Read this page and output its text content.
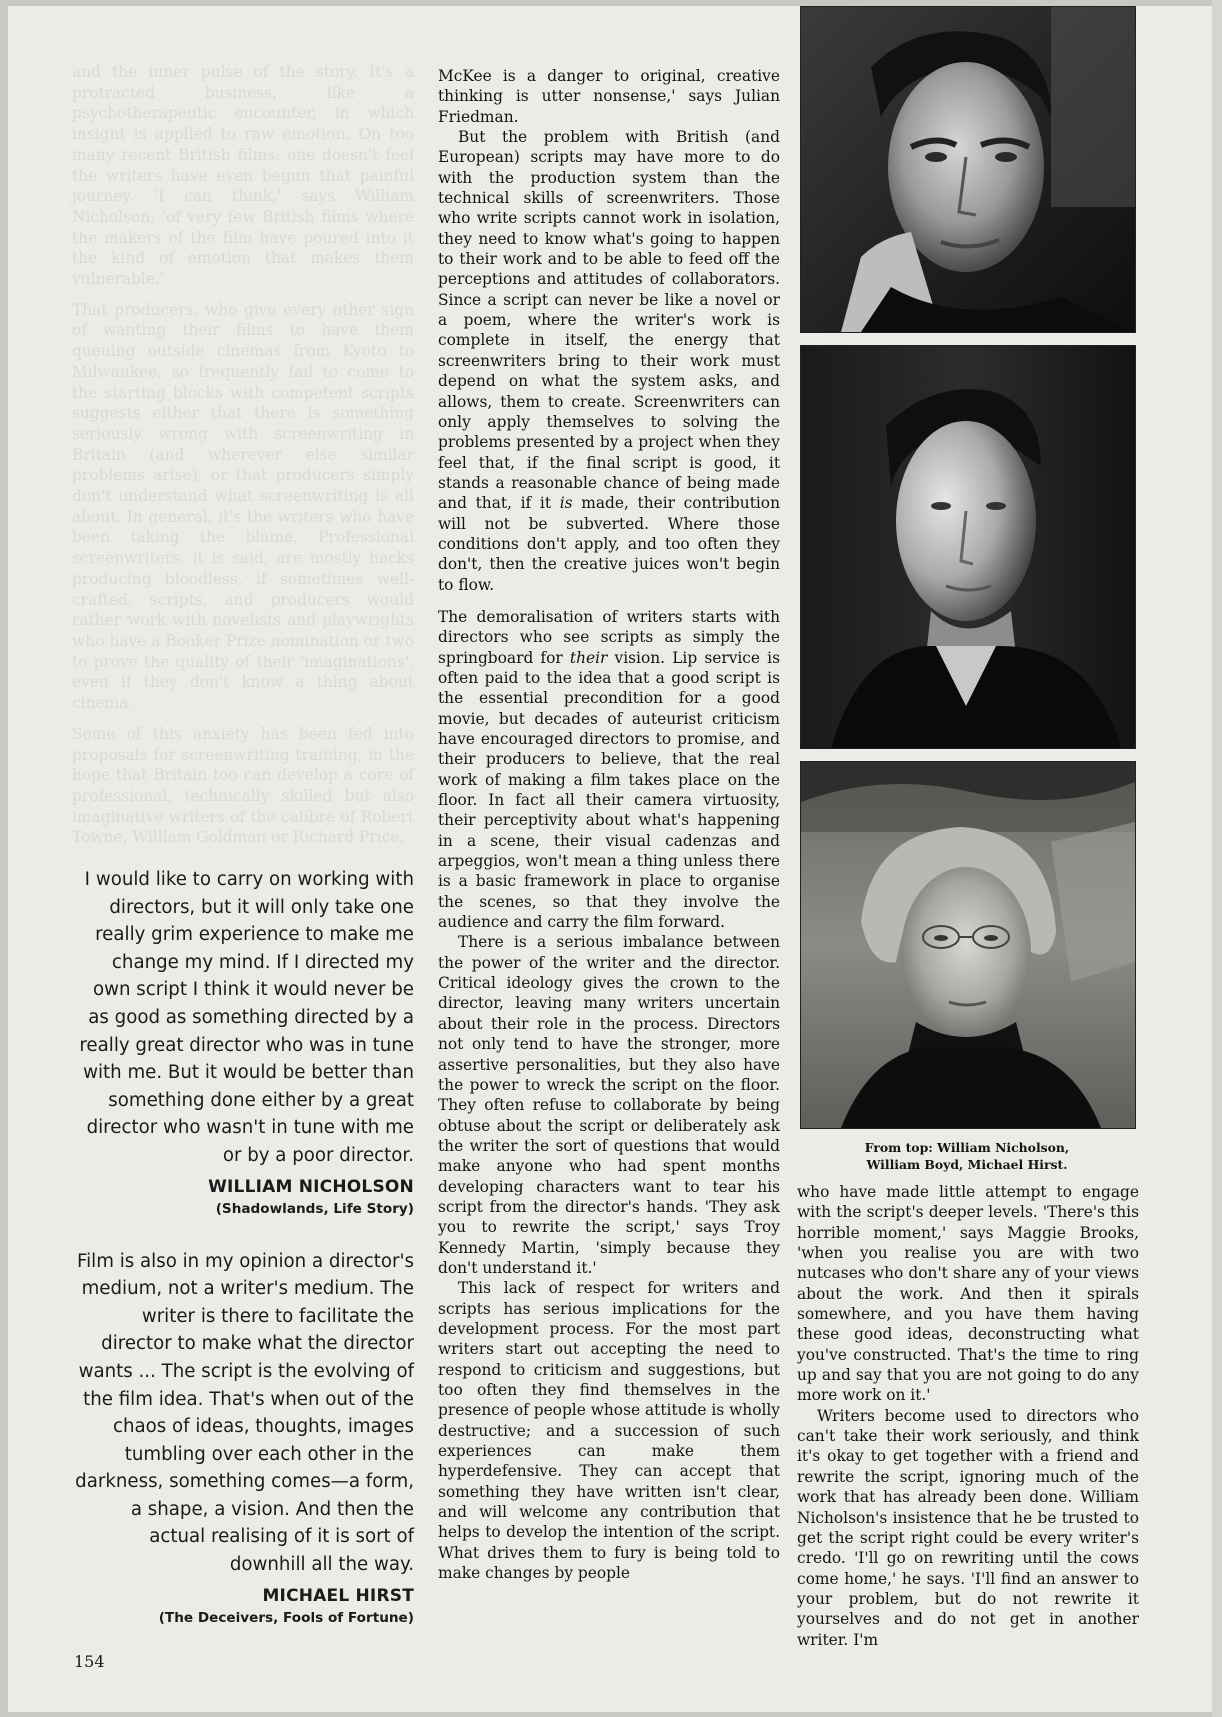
and the inner pulse of the story. It's a protracted business, like a psychotherapeutic encounter, in which insight is applied to raw emotion. On too many recent British films, one doesn't feel the writers have even begun that painful journey. 'I can think,' says William Nicholson, 'of very few British films where the makers of the film have poured into it the kind of emotion that makes them vulnerable.'

That producers, who give every other sign of wanting their films to have them queuing outside cinemas from Kyoto to Milwaukee, so frequently fail to come to the starting blocks with competent scripts suggests either that there is something seriously wrong with screenwriting in Britain (and wherever else similar problems arise), or that producers simply don't understand what screenwriting is all about. In general, it's the writers who have been taking the blame. Professional screenwriters, it is said, are mostly hacks producing bloodless, if sometimes well-crafted, scripts, and producers would rather work with novelists and playwrights who have a Booker Prize nomination or two to prove the quality of their 'imaginations', even if they don't know a thing about cinema.

Some of this anxiety has been fed into proposals for screenwriting training, in the hope that Britain too can develop a core of professional, technically skilled but also imaginative writers of the calibre of Robert Towne, William Goldman or Richard Price.

I would like to carry on working with directors, but it will only take one really grim experience to make me change my mind. If I directed my own script I think it would never be as good as something directed by a really great director who was in tune with me. But it would be better than something done either by a great director who wasn't in tune with me or by a poor director.

WILLIAM NICHOLSON
(Shadowlands, Life Story)

Film is also in my opinion a director's medium, not a writer's medium. The writer is there to facilitate the director to make what the director wants ... The script is the evolving of the film idea. That's when out of the chaos of ideas, thoughts, images tumbling over each other in the darkness, something comes—a form, a shape, a vision. And then the actual realising of it is sort of downhill all the way.

MICHAEL HIRST
(The Deceivers, Fools of Fortune)
154

McKee is a danger to original, creative thinking is utter nonsense,' says Julian Friedman.

But the problem with British (and European) scripts may have more to do with the production system than the technical skills of screenwriters. Those who write scripts cannot work in isolation, they need to know what's going to happen to their work and to be able to feed off the perceptions and attitudes of collaborators. Since a script can never be like a novel or a poem, where the writer's work is complete in itself, the energy that screenwriters bring to their work must depend on what the system asks, and allows, them to create. Screenwriters can only apply themselves to solving the problems presented by a project when they feel that, if the final script is good, it stands a reasonable chance of being made and that, if it is made, their contribution will not be subverted. Where those conditions don't apply, and too often they don't, then the creative juices won't begin to flow.

The demoralisation of writers starts with directors who see scripts as simply the springboard for their vision. Lip service is often paid to the idea that a good script is the essential precondition for a good movie, but decades of auteurist criticism have encouraged directors to promise, and their producers to believe, that the real work of making a film takes place on the floor. In fact all their camera virtuosity, their perceptivity about what's happening in a scene, their visual cadenzas and arpeggios, won't mean a thing unless there is a basic framework in place to organise the scenes, so that they involve the audience and carry the film forward.

There is a serious imbalance between the power of the writer and the director. Critical ideology gives the crown to the director, leaving many writers uncertain about their role in the process. Directors not only tend to have the stronger, more assertive personalities, but they also have the power to wreck the script on the floor. They often refuse to collaborate by being obtuse about the script or deliberately ask the writer the sort of questions that would make anyone who had spent months developing characters want to tear his script from the director's hands. 'They ask you to rewrite the script,' says Troy Kennedy Martin, 'simply because they don't understand it.'

This lack of respect for writers and scripts has serious implications for the development process. For the most part writers start out accepting the need to respond to criticism and suggestions, but too often they find themselves in the presence of people whose attitude is wholly destructive; and a succession of such experiences can make them hyperdefensive. They can accept that something they have written isn't clear, and will welcome any contribution that helps to develop the intention of the script. What drives them to fury is being told to make changes by people

From top: William Nicholson,
William Boyd, Michael Hirst.

who have made little attempt to engage with the script's deeper levels. 'There's this horrible moment,' says Maggie Brooks, 'when you realise you are with two nutcases who don't share any of your views about the work. And then it spirals somewhere, and you have them having these good ideas, deconstructing what you've constructed. That's the time to ring up and say that you are not going to do any more work on it.'

Writers become used to directors who can't take their work seriously, and think it's okay to get together with a friend and rewrite the script, ignoring much of the work that has already been done. William Nicholson's insistence that he be trusted to get the script right could be every writer's credo. 'I'll go on rewriting until the cows come home,' he says. 'I'll find an answer to your problem, but do not rewrite it yourselves and do not get in another writer. I'm
